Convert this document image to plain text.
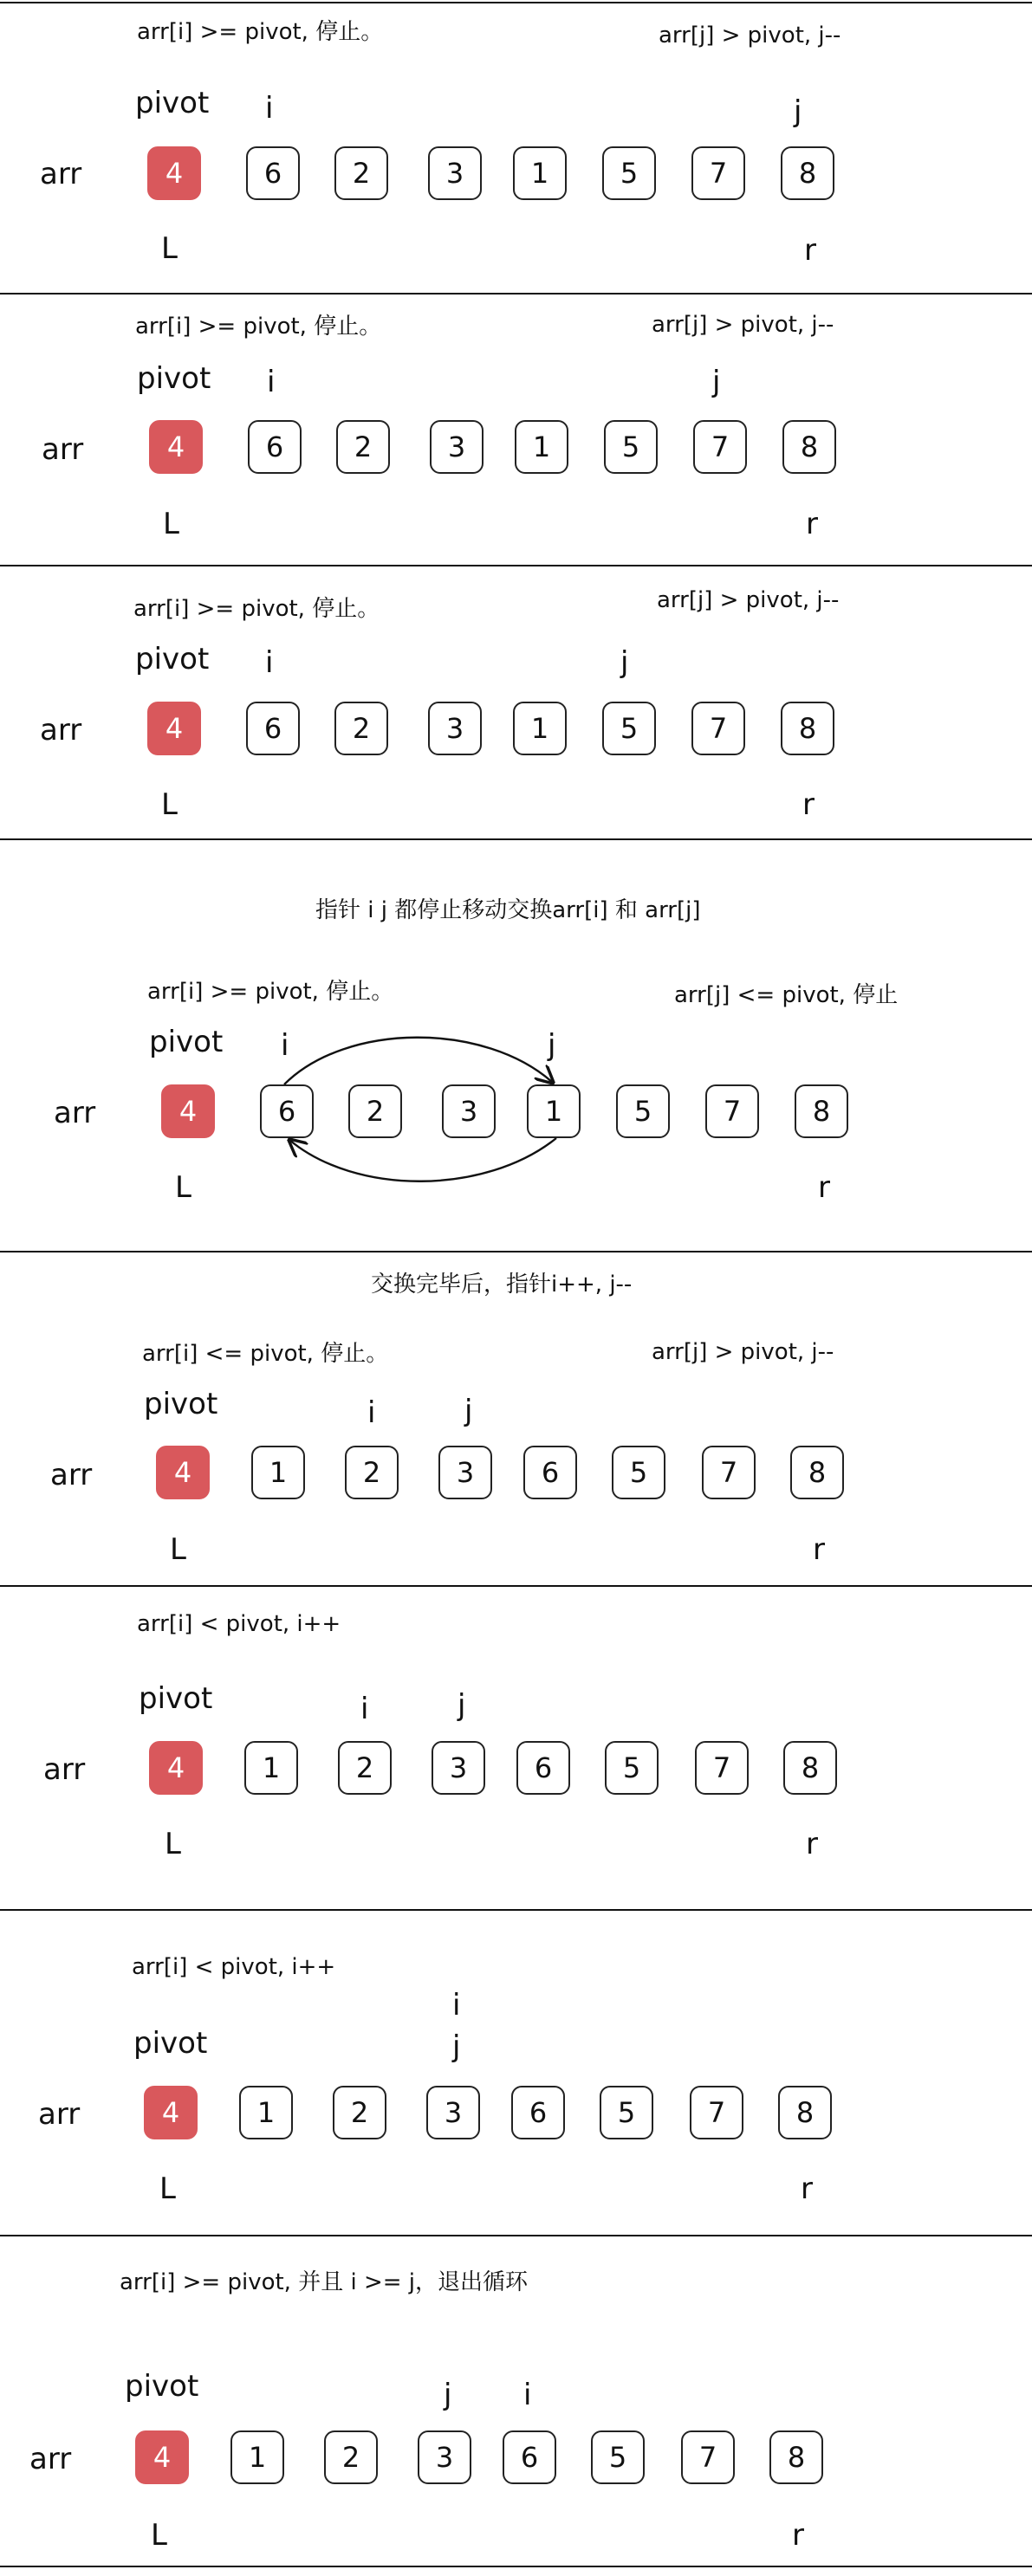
arr[i] >= pivot, 停止。	arr[j] > pivot, j--
pivot i	j
arr	4	6	2	3	1	5	7	8
L	r
arr[i] >= pivot, 停止。	arr[j] > pivot, j--
pivot i	j
arr	4	6	2	3	1	5	7	8
L	r
arr[i] >= pivot, 停止。	arr[j] > pivot, j--
pivot i	j
arr	4	6	2	3	1	5	7	8
L	r
指针 i j 都停止移动交换arr[i] 和 arr[j]
arr[i] >= pivot, 停止。	arr[j] <= pivot, 停止
pivot i	j
arr	4	6	2	3	1	5	7	8
L	r
交换完毕后，指针i++, j--
arr[i] <= pivot, 停止。	arr[j] > pivot, j--
pivot	i	j
arr	4	1	2	3	6	5	7	8
L	r
arr[i] < pivot, i++
pivot	i	j
arr	4	1	2	3	6	5	7	8
L	r
arr[i] < pivot, i++
i
pivot	j
arr	4	1	2	3	6	5	7	8
L	r
arr[i] >= pivot, 并且 i >= j，退出循环
pivot	j i
arr	4	1	2	3	6	5	7	8
L	r
